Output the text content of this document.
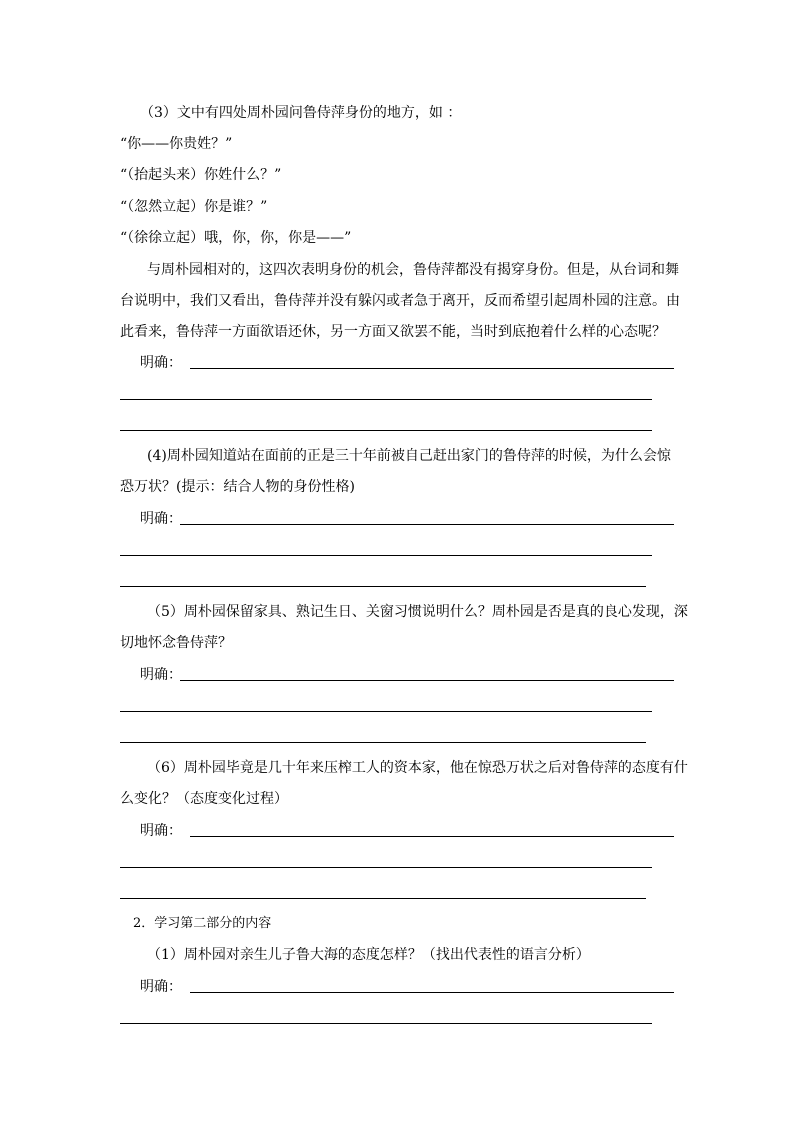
（3）文中有四处周朴园问鲁侍萍身份的地方，如 ：
“你——你贵姓？”
“（抬起头来）你姓什么？”
“（忽然立起）你是谁？”
“（徐徐立起）哦，你，你，你是——”
与周朴园相对的，这四次表明身份的机会，鲁侍萍都没有揭穿身份。但是，从台词和舞
台说明中，我们又看出，鲁侍萍并没有躲闪或者急于离开，反而希望引起周朴园的注意。由
此看来，鲁侍萍一方面欲语还休，另一方面又欲罢不能，当时到底抱着什么样的心态呢？
明确：
(4)周朴园知道站在面前的正是三十年前被自己赶出家门的鲁侍萍的时候，为什么会惊
恐万状？(提示：结合人物的身份性格)
明确：
（5）周朴园保留家具、熟记生日、关窗习惯说明什么？周朴园是否是真的良心发现，深
切地怀念鲁侍萍？
明确：
（6）周朴园毕竟是几十年来压榨工人的资本家，他在惊恐万状之后对鲁侍萍的态度有什
么变化？（态度变化过程）
明确：
2．学习第二部分的内容
（1）周朴园对亲生儿子鲁大海的态度怎样？（找出代表性的语言分析）
明确：
